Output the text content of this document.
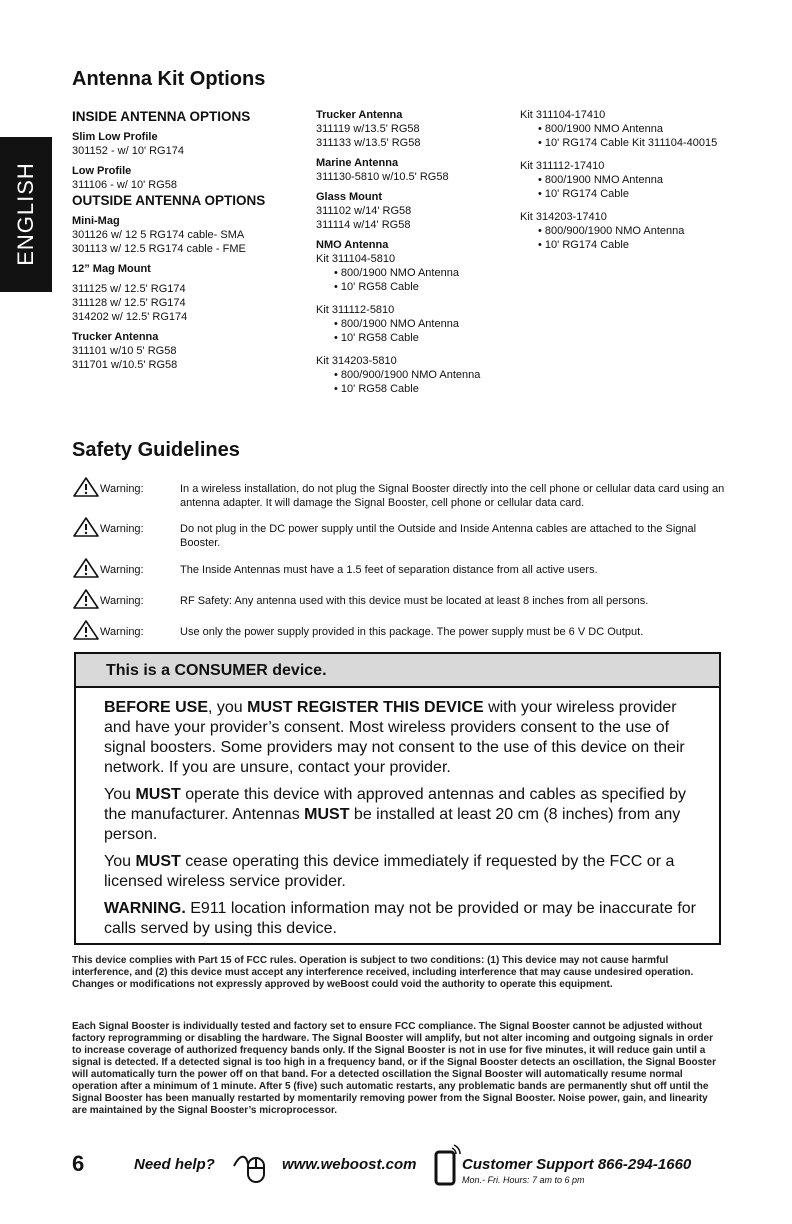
ENGLISH
Antenna Kit Options
INSIDE ANTENNA OPTIONS
Slim Low Profile
301152 - w/ 10' RG174
Low Profile
311106 - w/ 10' RG58
OUTSIDE ANTENNA OPTIONS
Mini-Mag
301126 w/ 12 5 RG174 cable- SMA
301113 w/ 12.5 RG174 cable - FME
12” Mag Mount
311125 w/ 12.5' RG174
311128 w/ 12.5' RG174
314202 w/ 12.5' RG174
Trucker Antenna
311101 w/10 5' RG58
311701 w/10.5' RG58
Trucker Antenna
311119 w/13.5' RG58
311133 w/13.5' RG58
Marine Antenna
311130-5810 w/10.5' RG58
Glass Mount
311102 w/14' RG58
311114 w/14' RG58
NMO Antenna
Kit 311104-5810
• 800/1900 NMO Antenna
• 10' RG58 Cable
Kit 311112-5810
• 800/1900 NMO Antenna
• 10' RG58 Cable
Kit 314203-5810
• 800/900/1900 NMO Antenna
• 10' RG58 Cable
Kit 311104-17410
• 800/1900 NMO Antenna
• 10' RG174 Cable Kit 311104-40015
Kit 311112-17410
• 800/1900 NMO Antenna
• 10' RG174 Cable
Kit 314203-17410
• 800/900/1900 NMO Antenna
• 10' RG174 Cable
Safety Guidelines
Warning:	In a wireless installation, do not plug the Signal Booster directly into the cell phone or cellular data card using an antenna adapter. It will damage the Signal Booster, cell phone or cellular data card.
Warning:	Do not plug in the DC power supply until the Outside and Inside Antenna cables are attached to the Signal Booster.
Warning:	The Inside Antennas must have a 1.5 feet of separation distance from all active users.
Warning:	RF Safety: Any antenna used with this device must be located at least 8 inches from all persons.
Warning:	Use only the power supply provided in this package. The power supply must be 6 V DC Output.
This is a CONSUMER device.

BEFORE USE, you MUST REGISTER THIS DEVICE with your wireless provider and have your provider’s consent. Most wireless providers consent to the use of signal boosters. Some providers may not consent to the use of this device on their network. If you are unsure, contact your provider.

You MUST operate this device with approved antennas and cables as specified by the manufacturer. Antennas MUST be installed at least 20 cm (8 inches) from any person.

You MUST cease operating this device immediately if requested by the FCC or a licensed wireless service provider.

WARNING. E911 location information may not be provided or may be inaccurate for calls served by using this device.

This device complies with Part 15 of FCC rules. Operation is subject to two conditions: (1) This device may not cause harmful interference, and (2) this device must accept any interference received, including interference that may cause undesired operation. Changes or modifications not expressly approved by weBoost could void the authority to operate this equipment.
Each Signal Booster is individually tested and factory set to ensure FCC compliance. The Signal Booster cannot be adjusted without factory reprogramming or disabling the hardware. The Signal Booster will amplify, but not alter incoming and outgoing signals in order to increase coverage of authorized frequency bands only. If the Signal Booster is not in use for five minutes, it will reduce gain until a signal is detected. If a detected signal is too high in a frequency band, or if the Signal Booster detects an oscillation, the Signal Booster will automatically turn the power off on that band. For a detected oscillation the Signal Booster will automatically resume normal operation after a minimum of 1 minute. After 5 (five) such automatic restarts, any problematic bands are permanently shut off until the Signal Booster has been manually restarted by momentarily removing power from the Signal Booster. Noise power, gain, and linearity are maintained by the Signal Booster’s microprocessor.
6	Need help?	www.weboost.com	Customer Support 866-294-1660
Mon.- Fri. Hours: 7 am to 6 pm
